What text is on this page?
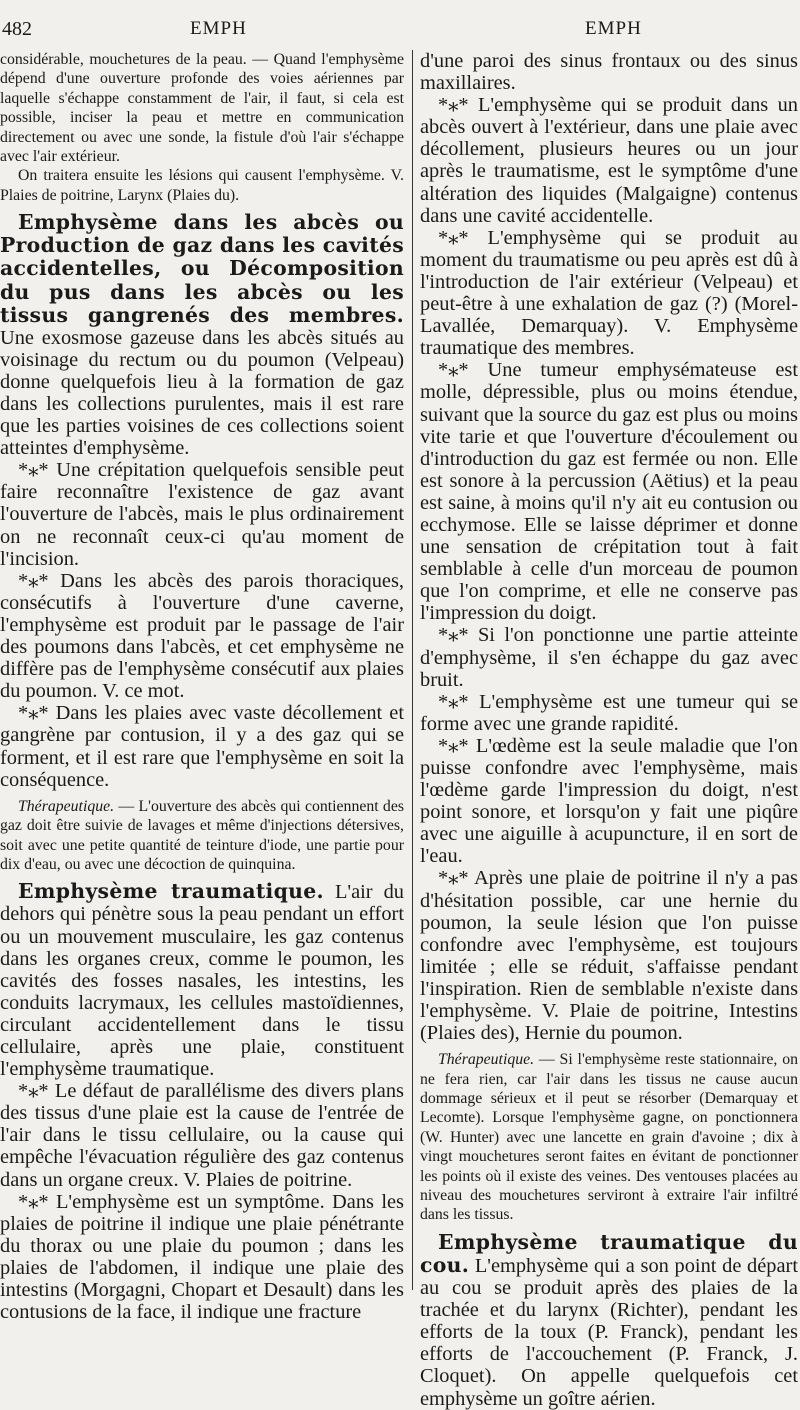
482	EMPH	EMPH

considérable, mouchetures de la peau. — Quand l'emphysème dépend d'une ouverture profonde des voies aériennes par laquelle s'échappe constamment de l'air, il faut, si cela est possible, inciser la peau et mettre en communication directement ou avec une sonde, la fistule d'où l'air s'échappe avec l'air extérieur.

On traitera ensuite les lésions qui causent l'emphysème. V. Plaies de poitrine, Larynx (Plaies du).

Emphysème dans les abcès ou Production de gaz dans les cavités accidentelles, ou Décomposition du pus dans les abcès ou les tissus gangrenés des membres. Une exosmose gazeuse dans les abcès situés au voisinage du rectum ou du poumon (Velpeau) donne quelquefois lieu à la formation de gaz dans les collections purulentes, mais il est rare que les parties voisines de ces collections soient atteintes d'emphysème.

*⁎* Une crépitation quelquefois sensible peut faire reconnaître l'existence de gaz avant l'ouverture de l'abcès, mais le plus ordinairement on ne reconnaît ceux-ci qu'au moment de l'incision.

*⁎* Dans les abcès des parois thoraciques, consécutifs à l'ouverture d'une caverne, l'emphysème est produit par le passage de l'air des poumons dans l'abcès, et cet emphysème ne diffère pas de l'emphysème consécutif aux plaies du poumon. V. ce mot.

*⁎* Dans les plaies avec vaste décollement et gangrène par contusion, il y a des gaz qui se forment, et il est rare que l'emphysème en soit la conséquence.

Thérapeutique. — L'ouverture des abcès qui contiennent des gaz doit être suivie de lavages et même d'injections détersives, soit avec une petite quantité de teinture d'iode, une partie pour dix d'eau, ou avec une décoction de quinquina.

Emphysème traumatique. L'air du dehors qui pénètre sous la peau pendant un effort ou un mouvement musculaire, les gaz contenus dans les organes creux, comme le poumon, les cavités des fosses nasales, les intestins, les conduits lacrymaux, les cellules mastoïdiennes, circulant accidentellement dans le tissu cellulaire, après une plaie, constituent l'emphysème traumatique.

*⁎* Le défaut de parallélisme des divers plans des tissus d'une plaie est la cause de l'entrée de l'air dans le tissu cellulaire, ou la cause qui empêche l'évacuation régulière des gaz contenus dans un organe creux. V. Plaies de poitrine.

*⁎* L'emphysème est un symptôme. Dans les plaies de poitrine il indique une plaie pénétrante du thorax ou une plaie du poumon ; dans les plaies de l'abdomen, il indique une plaie des intestins (Morgagni, Chopart et Desault) dans les contusions de la face, il indique une fracture

d'une paroi des sinus frontaux ou des sinus maxillaires.

*⁎* L'emphysème qui se produit dans un abcès ouvert à l'extérieur, dans une plaie avec décollement, plusieurs heures ou un jour après le traumatisme, est le symptôme d'une altération des liquides (Malgaigne) contenus dans une cavité accidentelle.

*⁎* L'emphysème qui se produit au moment du traumatisme ou peu après est dû à l'introduction de l'air extérieur (Velpeau) et peut-être à une exhalation de gaz (?) (Morel-Lavallée, Demarquay). V. Emphysème traumatique des membres.

*⁎* Une tumeur emphysémateuse est molle, dépressible, plus ou moins étendue, suivant que la source du gaz est plus ou moins vite tarie et que l'ouverture d'écoulement ou d'introduction du gaz est fermée ou non. Elle est sonore à la percussion (Aëtius) et la peau est saine, à moins qu'il n'y ait eu contusion ou ecchymose. Elle se laisse déprimer et donne une sensation de crépitation tout à fait semblable à celle d'un morceau de poumon que l'on comprime, et elle ne conserve pas l'impression du doigt.

*⁎* Si l'on ponctionne une partie atteinte d'emphysème, il s'en échappe du gaz avec bruit.

*⁎* L'emphysème est une tumeur qui se forme avec une grande rapidité.

*⁎* L'œdème est la seule maladie que l'on puisse confondre avec l'emphysème, mais l'œdème garde l'impression du doigt, n'est point sonore, et lorsqu'on y fait une piqûre avec une aiguille à acupuncture, il en sort de l'eau.

*⁎* Après une plaie de poitrine il n'y a pas d'hésitation possible, car une hernie du poumon, la seule lésion que l'on puisse confondre avec l'emphysème, est toujours limitée ; elle se réduit, s'affaisse pendant l'inspiration. Rien de semblable n'existe dans l'emphysème. V. Plaie de poitrine, Intestins (Plaies des), Hernie du poumon.

Thérapeutique. — Si l'emphysème reste stationnaire, on ne fera rien, car l'air dans les tissus ne cause aucun dommage sérieux et il peut se résorber (Demarquay et Lecomte). Lorsque l'emphysème gagne, on ponctionnera (W. Hunter) avec une lancette en grain d'avoine ; dix à vingt mouchetures seront faites en évitant de ponctionner les points où il existe des veines. Des ventouses placées au niveau des mouchetures serviront à extraire l'air infiltré dans les tissus.

Emphysème traumatique du cou. L'emphysème qui a son point de départ au cou se produit après des plaies de la trachée et du larynx (Richter), pendant les efforts de la toux (P. Franck), pendant les efforts de l'accouchement (P. Franck, J. Cloquet). On appelle quelquefois cet emphysème un goître aérien.
